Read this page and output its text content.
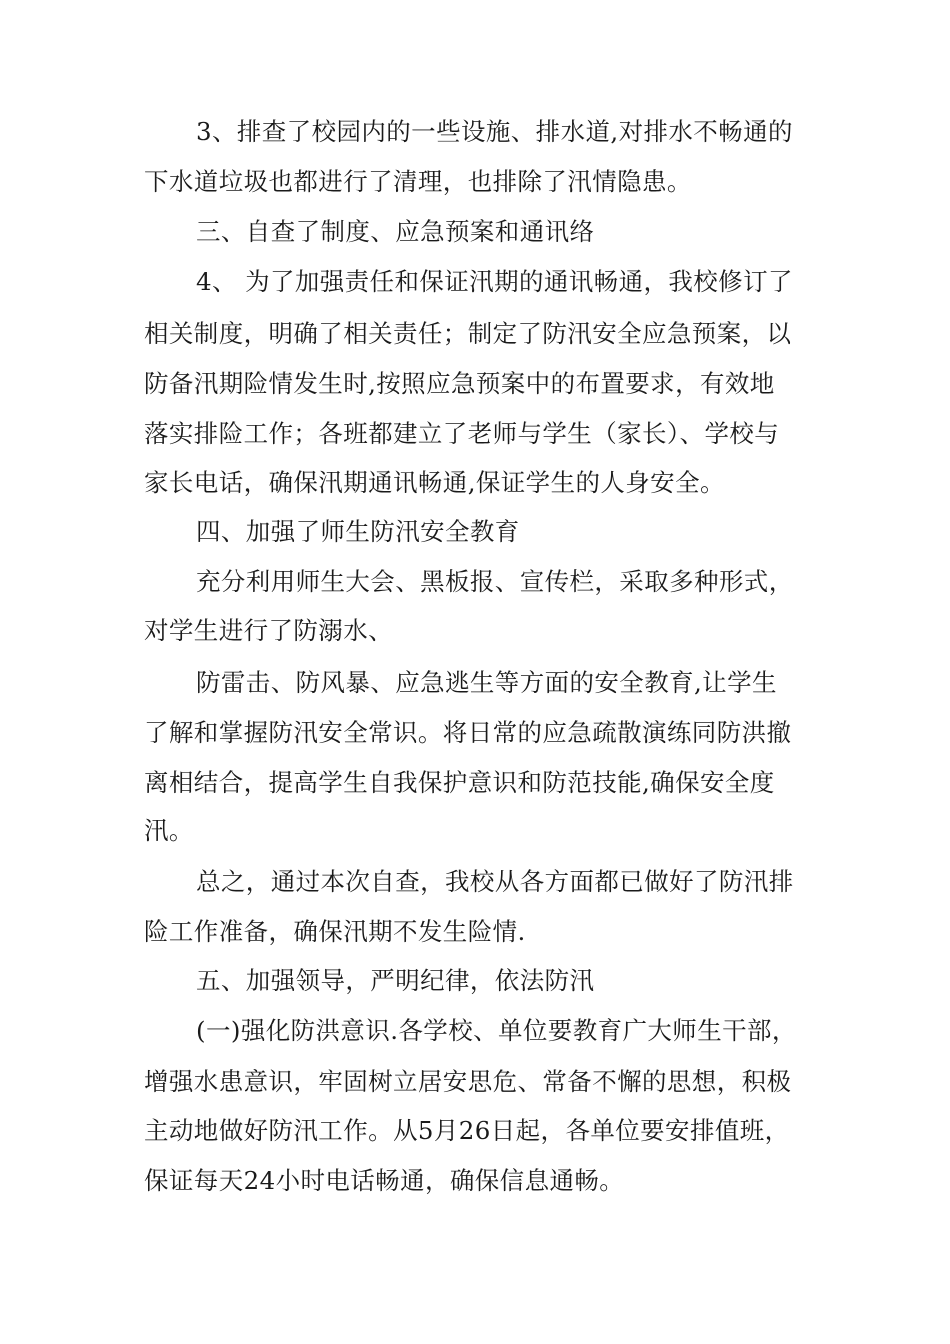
3、排查了校园内的一些设施、排水道,对排水不畅通的
下水道垃圾也都进行了清理，也排除了汛情隐患。
三、自查了制度、应急预案和通讯络
4、 为了加强责任和保证汛期的通讯畅通，我校修订了
相关制度，明确了相关责任；制定了防汛安全应急预案，以
防备汛期险情发生时,按照应急预案中的布置要求，有效地
落实排险工作；各班都建立了老师与学生（家长）、学校与
家长电话，确保汛期通讯畅通,保证学生的人身安全。
四、加强了师生防汛安全教育
充分利用师生大会、黑板报、宣传栏，采取多种形式，
对学生进行了防溺水、
防雷击、防风暴、应急逃生等方面的安全教育,让学生
了解和掌握防汛安全常识。将日常的应急疏散演练同防洪撤
离相结合，提高学生自我保护意识和防范技能,确保安全度
汛。
总之，通过本次自查，我校从各方面都已做好了防汛排
险工作准备，确保汛期不发生险情.
五、加强领导，严明纪律，依法防汛
(一)强化防洪意识.各学校、单位要教育广大师生干部，
增强水患意识，牢固树立居安思危、常备不懈的思想，积极
主动地做好防汛工作。从5月26日起，各单位要安排值班，
保证每天24小时电话畅通，确保信息通畅。
